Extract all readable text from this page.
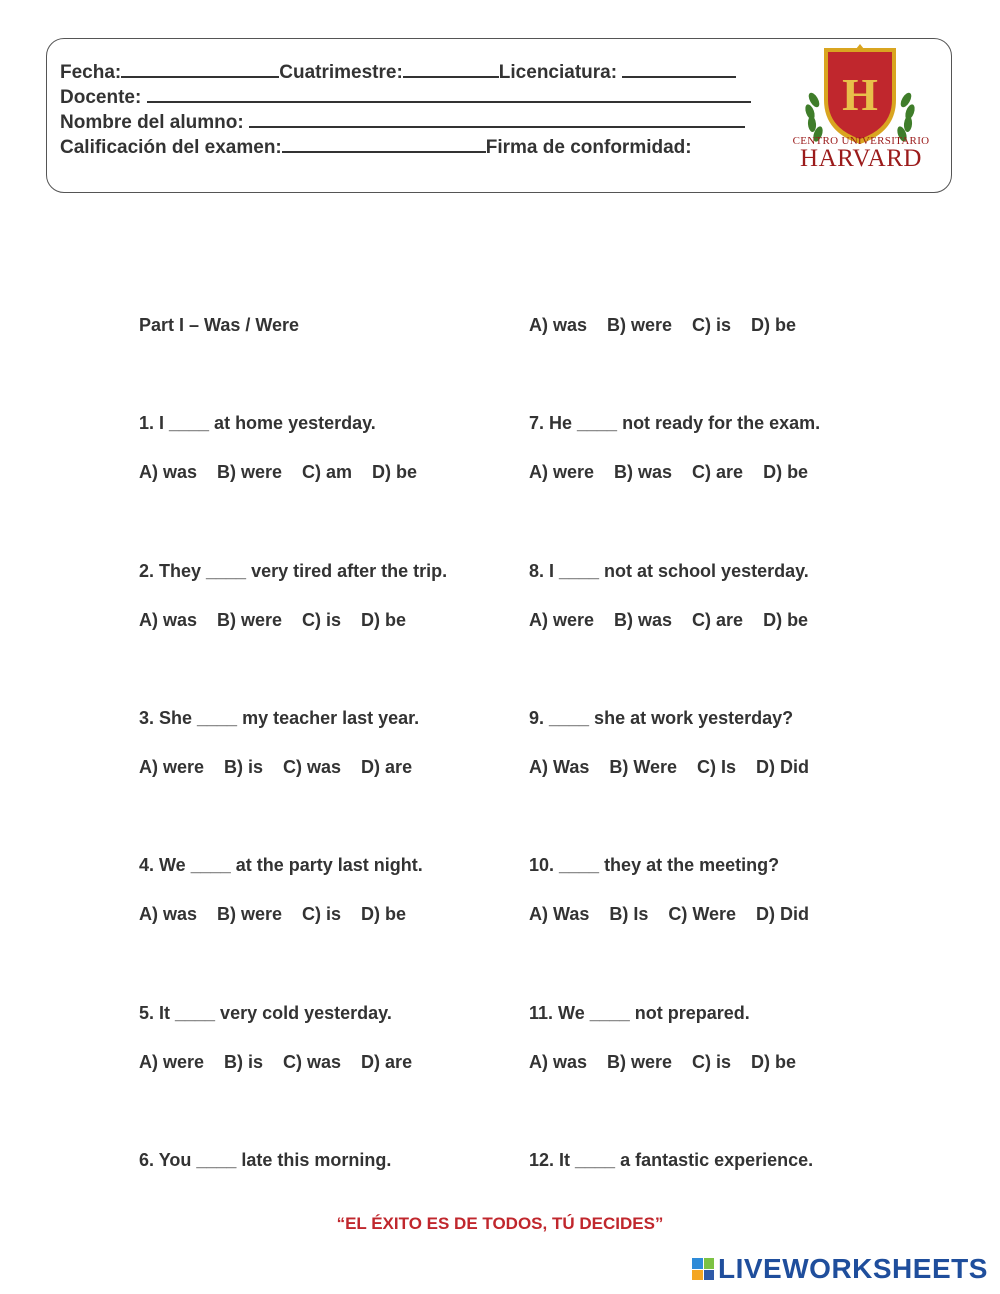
Fecha:	Cuatrimestre:	Licenciatura:
Docente:
Nombre del alumno:
Calificación del examen:	Firma de conformidad:
H
CENTRO UNIVERSITARIO
HARVARD
Part I – Was / Were	A) was    B) were    C) is    D) be
1. I ____ at home yesterday.
A) was    B) were    C) am    D) be
2. They ____ very tired after the trip.
A) was    B) were    C) is    D) be
3. She ____ my teacher last year.
A) were    B) is    C) was    D) are
4. We ____ at the party last night.
A) was    B) were    C) is    D) be
5. It ____ very cold yesterday.
A) were    B) is    C) was    D) are
6. You ____ late this morning.
7. He ____ not ready for the exam.
A) were    B) was    C) are    D) be
8. I ____ not at school yesterday.
A) were    B) was    C) are    D) be
9. ____ she at work yesterday?
A) Was    B) Were    C) Is    D) Did
10. ____ they at the meeting?
A) Was    B) Is    C) Were    D) Did
11. We ____ not prepared.
A) was    B) were    C) is    D) be
12. It ____ a fantastic experience.
“EL ÉXITO ES DE TODOS, TÚ DECIDES”
LIVEWORKSHEETS
